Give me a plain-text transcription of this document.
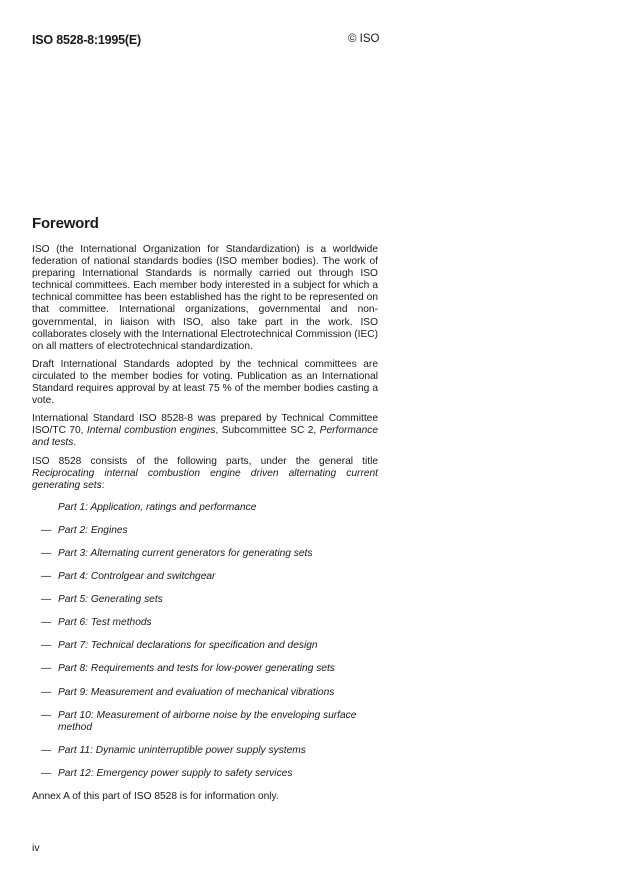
ISO 8528-8:1995(E)	© ISO
Foreword

ISO (the International Organization for Standardization) is a worldwide federation of national standards bodies (ISO member bodies). The work of preparing International Standards is normally carried out through ISO technical committees. Each member body interested in a subject for which a technical committee has been established has the right to be represented on that committee. International organizations, governmental and non-governmental, in liaison with ISO, also take part in the work. ISO collaborates closely with the International Electrotechnical Commission (IEC) on all matters of electrotechnical standardization.

Draft International Standards adopted by the technical committees are circulated to the member bodies for voting. Publication as an International Standard requires approval by at least 75 % of the member bodies casting a vote.

International Standard ISO 8528-8 was prepared by Technical Committee ISO/TC 70, Internal combustion engines, Subcommittee SC 2, Performance and tests.

ISO 8528 consists of the following parts, under the general title Reciprocating internal combustion engine driven alternating current generating sets:

Part 1: Application, ratings and performance
— Part 2: Engines
— Part 3: Alternating current generators for generating sets
— Part 4: Controlgear and switchgear
— Part 5: Generating sets
— Part 6: Test methods
— Part 7: Technical declarations for specification and design
— Part 8: Requirements and tests for low-power generating sets
— Part 9: Measurement and evaluation of mechanical vibrations
— Part 10: Measurement of airborne noise by the enveloping surface method
— Part 11: Dynamic uninterruptible power supply systems
— Part 12: Emergency power supply to safety services

Annex A of this part of ISO 8528 is for information only.

iv
